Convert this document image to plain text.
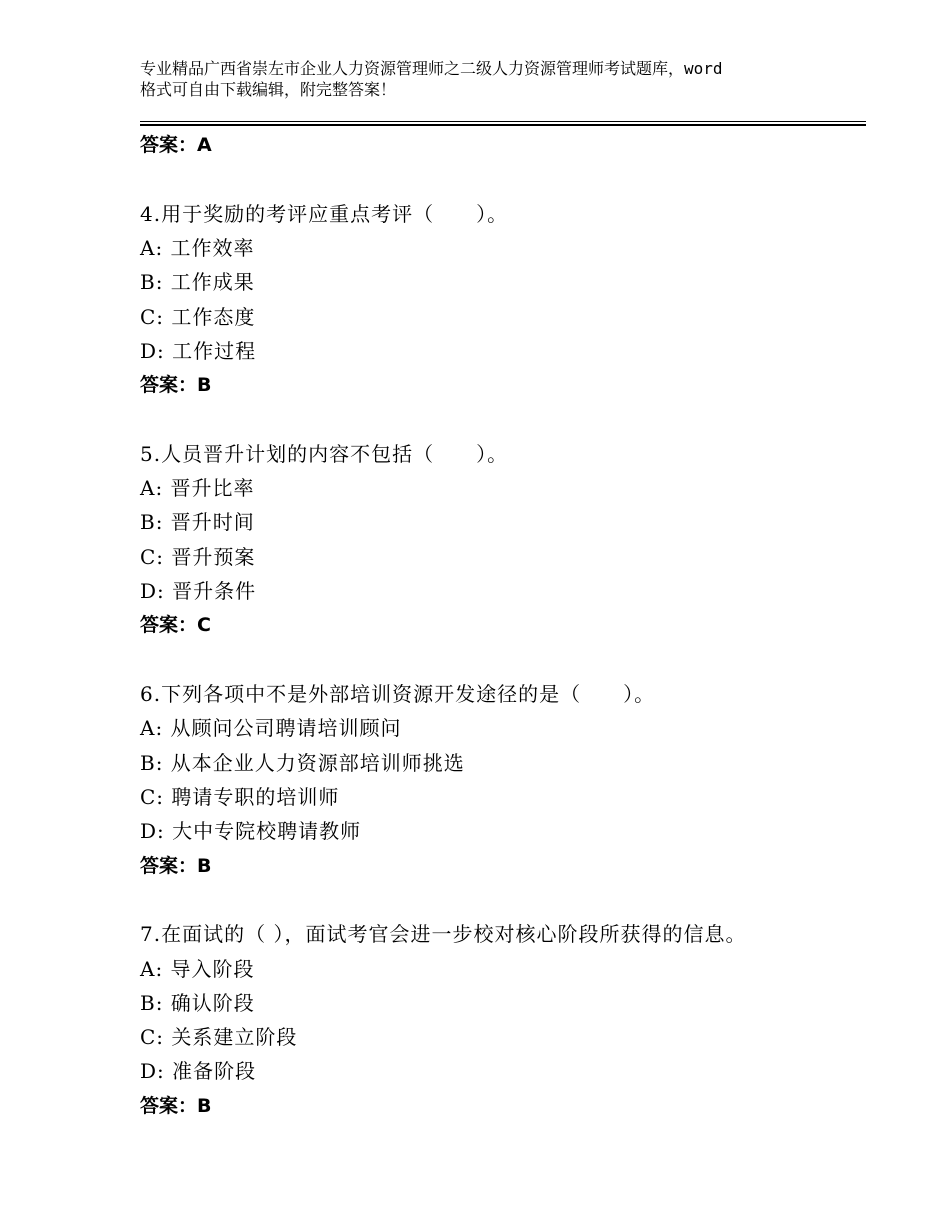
专业精品广西省崇左市企业人力资源管理师之二级人力资源管理师考试题库，word
格式可自由下载编辑，附完整答案！
答案：A
4.用于奖励的考评应重点考评（　　）。
A: 工作效率
B: 工作成果
C: 工作态度
D: 工作过程
答案：B
5.人员晋升计划的内容不包括（　　）。
A: 晋升比率
B: 晋升时间
C: 晋升预案
D: 晋升条件
答案：C
6.下列各项中不是外部培训资源开发途径的是（　　）。
A: 从顾问公司聘请培训顾问
B: 从本企业人力资源部培训师挑选
C: 聘请专职的培训师
D: 大中专院校聘请教师
答案：B
7.在面试的（ ），面试考官会进一步校对核心阶段所获得的信息。
A: 导入阶段
B: 确认阶段
C: 关系建立阶段
D: 准备阶段
答案：B
